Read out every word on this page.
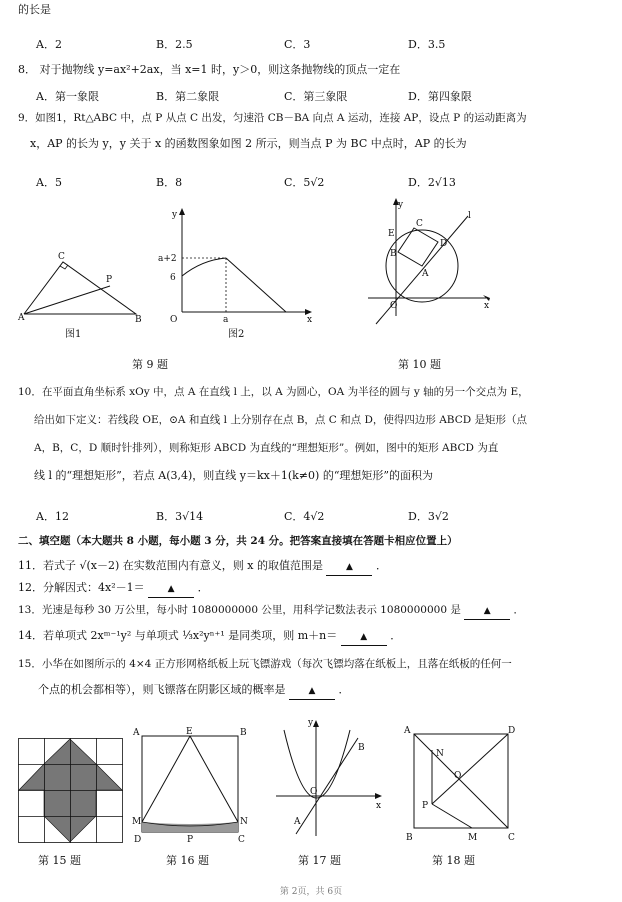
的长是
A．2	B．2.5	C．3	D．3.5
8． 对于抛物线 y=ax²+2ax，当 x=1 时，y＞0，则这条抛物线的顶点一定在
A．第一象限	B．第二象限	C．第三象限	D．第四象限
9．如图1，Rt△ABC 中，点 P 从点 C 出发，匀速沿 CB－BA 向点 A 运动，连接 AP，设点 P 的运动距离为
x，AP 的长为 y，y 关于 x 的函数图象如图 2 所示，则当点 P 为 BC 中点时，AP 的长为
A．5	B．8	C．5√2	D．2√13
C
P
A	B
图1
y
a+2
6
O	a	x
图2
y
E
C
l
B
D
A
O	x
第 9 题	第 10 题
10．在平面直角坐标系 xOy 中，点 A 在直线 l 上，以 A 为圆心，OA 为半径的圆与 y 轴的另一个交点为 E，
给出如下定义：若线段 OE，⊙A 和直线 l 上分别存在点 B，点 C 和点 D，使得四边形 ABCD 是矩形（点
A，B，C，D 顺时针排列），则称矩形 ABCD 为直线的“理想矩形”。例如，图中的矩形 ABCD 为直
线 l 的“理想矩形”，若点 A(3,4)，则直线 y＝kx＋1(k≠0) 的“理想矩形”的面积为
A．12	B．3√14	C．4√2	D．3√2
二、填空题（本大题共 8 小题，每小题 3 分，共 24 分。把答案直接填在答题卡相应位置上）
11．若式子 √(x－2) 在实数范围内有意义，则 x 的取值范围是	▲ ．
12．分解因式：4x²－1＝	▲ ．
13．光速是每秒 30 万公里，每小时 1080000000 公里，用科学记数法表示 1080000000 是	▲ ．
14．若单项式 2xᵐ⁻¹y² 与单项式 ⅓x²yⁿ⁺¹ 是同类项，则 m＋n＝	▲ ．
15．小华在如图所示的 4×4 正方形网格纸板上玩飞镖游戏（每次飞镖均落在纸板上，且落在纸板的任何一
个点的机会都相等），则飞镖落在阴影区域的概率是	▲ ．
A	E	B
M	N
D	P	C
y
B
O
x
A
A	D
N
O
P
B	M	C
第 15 题	第 16 题	第 17 题	第 18 题
第 2页，共 6页
